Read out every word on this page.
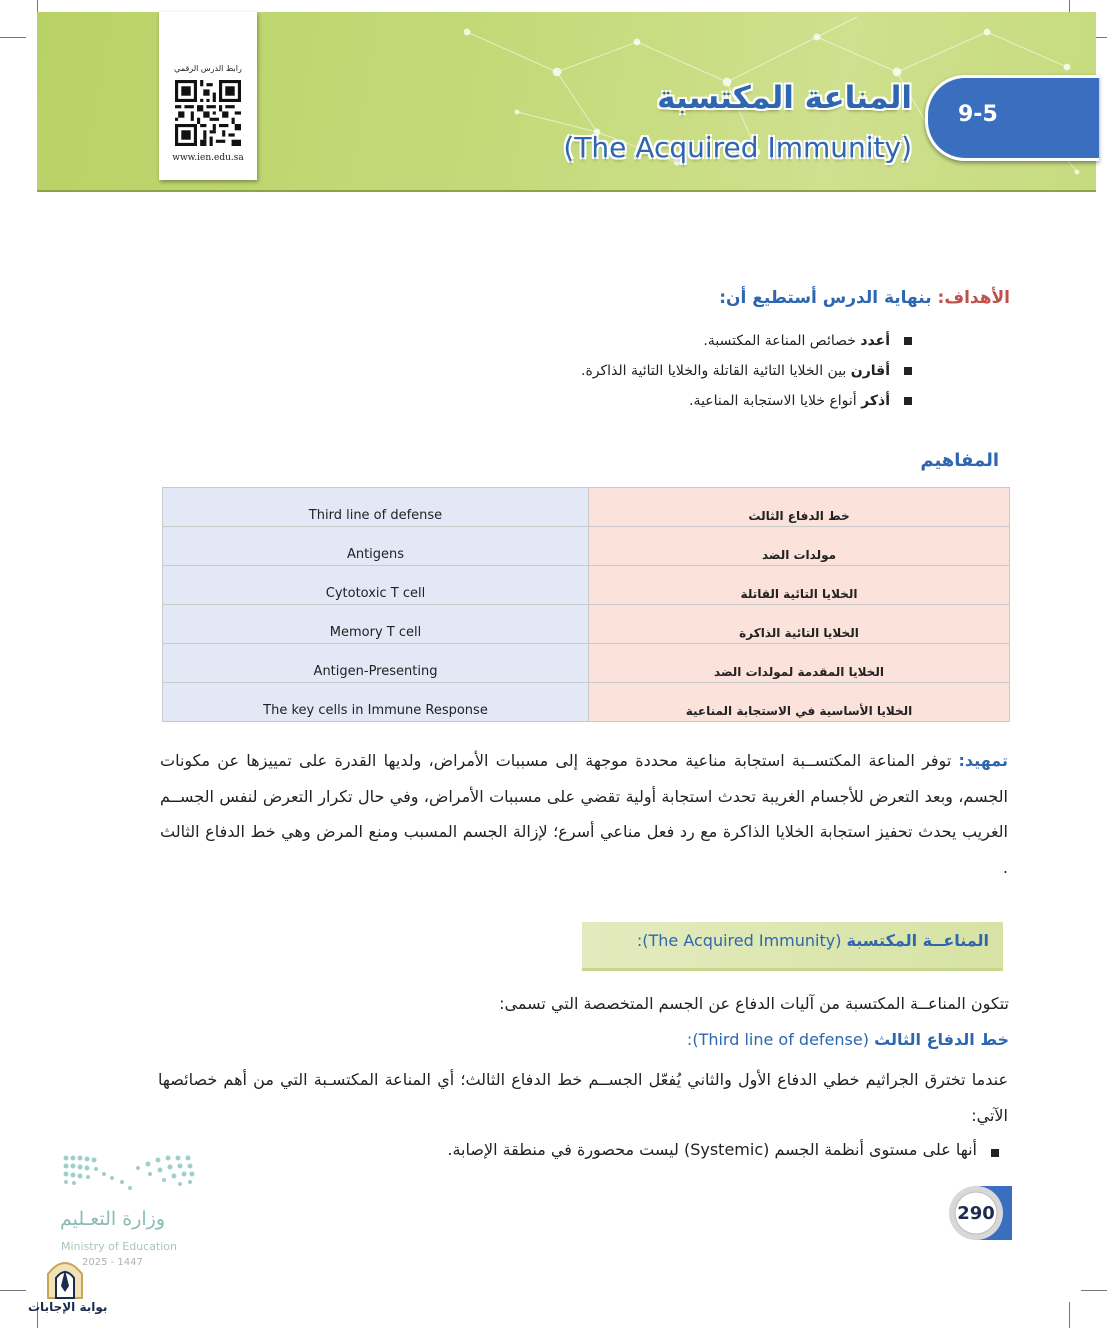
رابط الدرس الرقمي
www.ien.edu.sa
المناعة المكتسبة
(The Acquired Immunity)
9-5
الأهداف: بنهاية الدرس أستطيع أن:
أعدد خصائص المناعة المكتسبة.
أقارن بين الخلايا التائية القاتلة والخلايا التائية الذاكرة.
أذكر أنواع خلايا الاستجابة المناعية.
المفاهيم
Third line of defense	خط الدفاع الثالث
Antigens	مولدات الضد
Cytotoxic T cell	الخلايا التائية القاتلة
Memory T cell	الخلايا التائية الذاكرة
Antigen-Presenting	الخلايا المقدمة لمولدات الضد
The key cells in Immune Response	الخلايا الأساسية في الاستجابة المناعية
تمهيد: توفر المناعة المكتســبة استجابة مناعية محددة موجهة إلى مسببات الأمراض، ولديها القدرة على تمييزها عن مكونات الجسم، وبعد التعرض للأجسام الغريبة تحدث استجابة أولية تقضي على مسببات الأمراض، وفي حال تكرار التعرض لنفس الجســم الغريب يحدث تحفيز استجابة الخلايا الذاكرة مع رد فعل مناعي أسرع؛ لإزالة الجسم المسبب ومنع المرض وهي خط الدفاع الثالث .
المناعــة المكتسبة (The Acquired Immunity):
تتكون المناعــة المكتسبة من آليات الدفاع عن الجسم المتخصصة التي تسمى:
خط الدفاع الثالث (Third line of defense):
عندما تخترق الجراثيم خطي الدفاع الأول والثاني يُفعّل الجســم خط الدفاع الثالث؛ أي المناعة المكتسـبة التي من أهم خصائصها الآتي:
أنها على مستوى أنظمة الجسم (Systemic) ليست محصورة في منطقة الإصابة.
290
وزارة التعـليم
Ministry of Education
2025 - 1447
بوابة الإجابات
